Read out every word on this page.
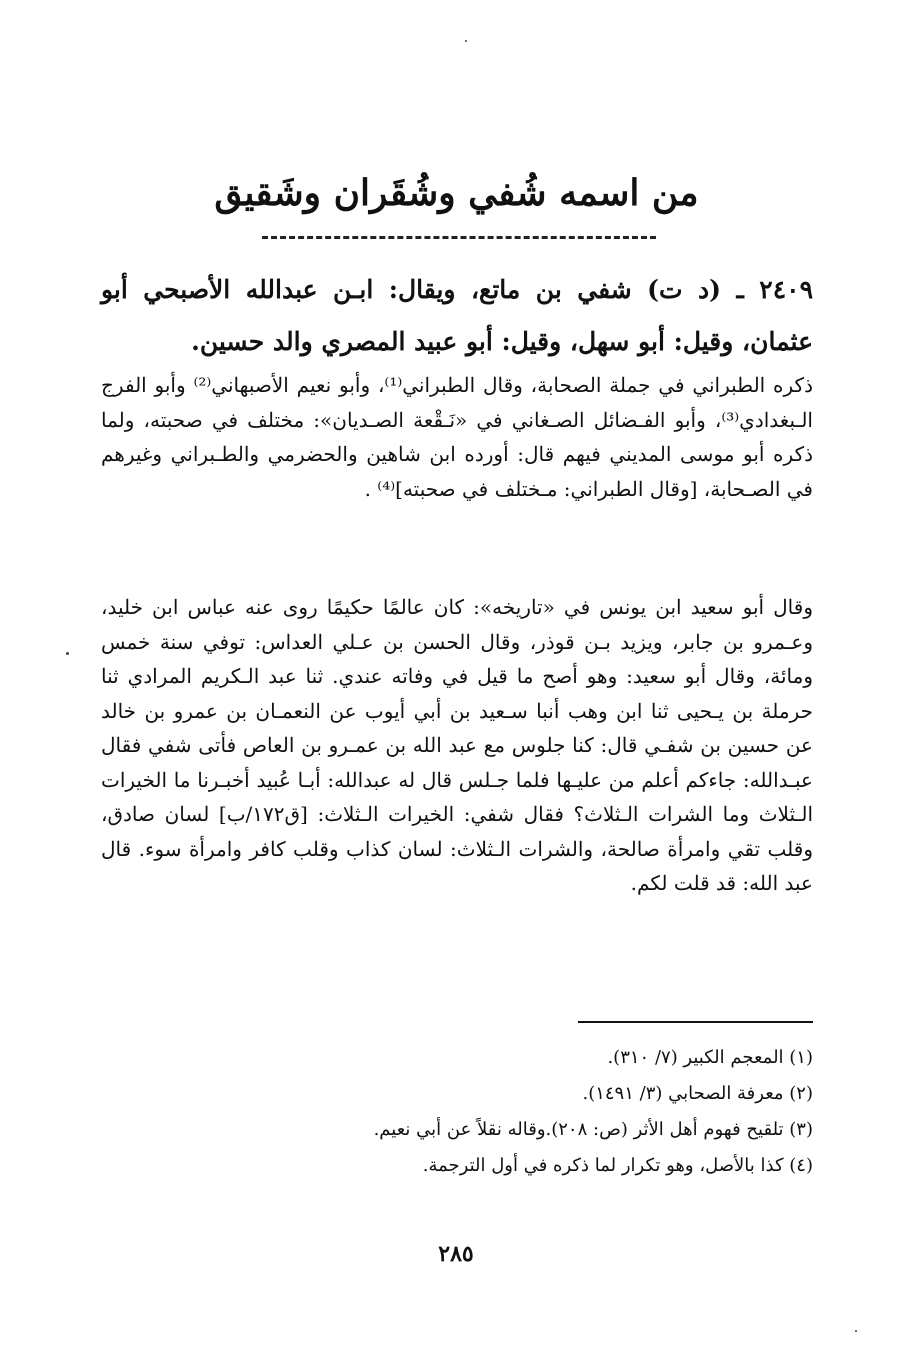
من اسمه شُفي وشُقَران وشَقيق

٢٤٠٩ ـ (د ت) شفي بن ماتع، ويقال: ابـن عبدالله الأصبحي أبو عثمان، وقيل: أبو سهل، وقيل: أبو عبيد المصري والد حسين.

ذكره الطبراني في جملة الصحابة، وقال الطبراني⁽¹⁾، وأبو نعيم الأصبهاني⁽²⁾ وأبو الفرج الـبغدادي⁽³⁾، وأبو الفـضائل الصـغاني في «نَـقْعة الصـديان»: مختلف في صحبته، ولما ذكره أبو موسى المديني فيهم قال: أورده ابن شاهين والحضرمي والطـبراني وغيرهم في الصـحابة، [وقال الطبراني: مـختلف في صحبته]⁽⁴⁾ .

وقال أبو سعيد ابن يونس في «تاريخه»: كان عالمًا حكيمًا روى عنه عباس ابن خليد، وعـمرو بن جابر، ويزيد بـن قوذر، وقال الحسن بن عـلي العداس: توفي سنة خمس ومائة، وقال أبو سعيد: وهو أصح ما قيل في وفاته عندي. ثنا عبد الـكريم المرادي ثنا حرملة بن يـحيى ثنا ابن وهب أنبا سـعيد بن أبي أيوب عن النعمـان بن عمرو بن خالد عن حسين بن شفـي قال: كنا جلوس مع عبد الله بن عمـرو بن العاص فأتى شفي فقال عبـدالله: جاءكم أعلم من عليـها فلما جـلس قال له عبدالله: أبـا عُبيد أخبـرنا ما الخيرات الـثلاث وما الشرات الـثلاث؟ فقال شفي: الخيرات الـثلاث: [ق١٧٢/ب] لسان صادق، وقلب تقي وامرأة صالحة، والشرات الـثلاث: لسان كذاب وقلب كافر وامرأة سوء. قال عبد الله: قد قلت لكم.

(١) المعجم الكبير (٧/ ٣١٠).
(٢) معرفة الصحابي (٣/ ١٤٩١).
(٣) تلقيح فهوم أهل الأثر (ص: ٢٠٨).وقاله نقلاً عن أبي نعيم.
(٤) كذا بالأصل، وهو تكرار لما ذكره في أول الترجمة.
٢٨٥
